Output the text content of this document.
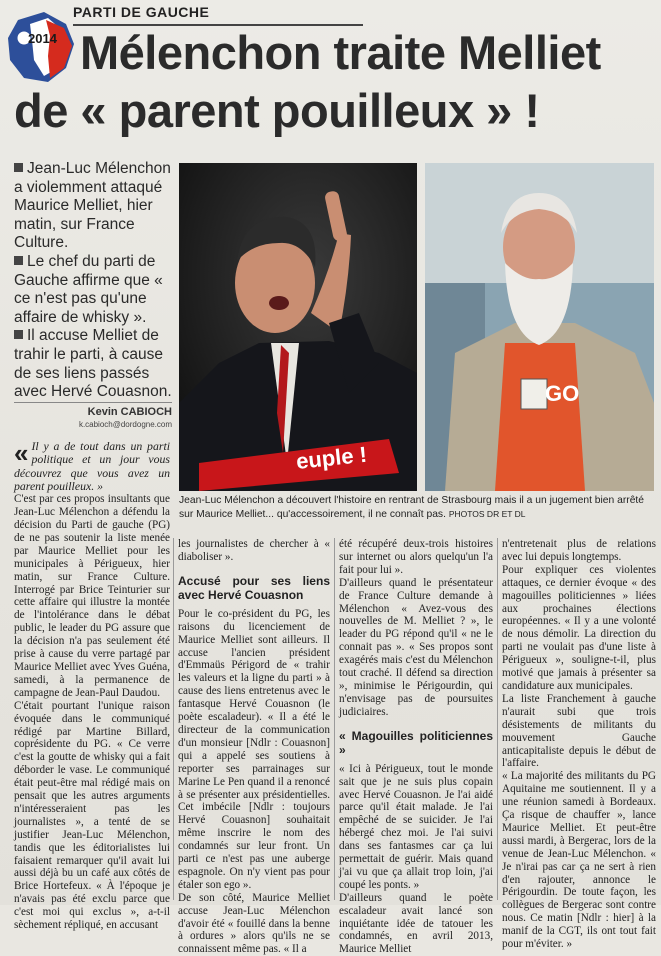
2014
PARTI DE GAUCHE
Mélenchon traite Melliet
de « parent pouilleux » !

Jean-Luc Mélenchon a violemment attaqué Maurice Melliet, hier matin, sur France Culture.

Le chef du parti de Gauche affirme que « ce n'est pas qu'une affaire de whisky ».

Il accuse Melliet de trahir le parti, à cause de ses liens passés avec Hervé Couasnon.

Kevin CABIOCH
k.cabioch@dordogne.com
euple !
GO
Jean-Luc Mélenchon a découvert l'histoire en rentrant de Strasbourg mais il a un jugement bien arrêté sur Maurice Melliet... qu'accessoirement, il ne connaît pas. PHOTOS DR ET DL
« Il y a de tout dans un parti politique et un jour vous découvrez que vous avez un parent pouilleux. »

C'est par ces propos insultants que Jean-Luc Mélenchon a défendu la décision du Parti de gauche (PG) de ne pas soutenir la liste menée par Maurice Melliet pour les municipales à Périgueux, hier matin, sur France Culture. Interrogé par Brice Teinturier sur cette affaire qui illustre la montée de l'intolérance dans le débat public, le leader du PG assure que la décision n'a pas seulement été prise à cause du verre partagé par Maurice Melliet avec Yves Guéna, samedi, à la permanence de campagne de Jean-Paul Daudou.

C'était pourtant l'unique raison évoquée dans le communiqué rédigé par Martine Billard, coprésidente du PG. « Ce verre c'est la goutte de whisky qui a fait déborder le vase. Le communiqué était peut-être mal rédigé mais on pensait que les autres arguments n'intéresseraient pas les journalistes », a tenté de se justifier Jean-Luc Mélenchon, tandis que les éditorialistes lui faisaient remarquer qu'il avait lui aussi déjà bu un café aux côtés de Brice Hortefeux. « À l'époque je n'avais pas été exclu parce que c'est moi qui exclus », a-t-il sèchement répliqué, en accusant

les journalistes de chercher à « diaboliser ».

Accusé pour ses liens avec Hervé Couasnon

Pour le co-président du PG, les raisons du licenciement de Maurice Melliet sont ailleurs. Il accuse l'ancien président d'Emmaüs Périgord de « trahir les valeurs et la ligne du parti » à cause des liens entretenus avec le fantasque Hervé Couasnon (le poète escaladeur). « Il a été le directeur de la communication d'un monsieur [Ndlr : Couasnon] qui a appelé ses soutiens à reporter ses parrainages sur Marine Le Pen quand il a renoncé à se présenter aux présidentielles. Cet imbécile [Ndlr : toujours Hervé Couasnon] souhaitait même inscrire le nom des condamnés sur leur front. Un parti ce n'est pas une auberge espagnole. On n'y vient pas pour étaler son ego ».

De son côté, Maurice Melliet accuse Jean-Luc Mélenchon d'avoir été « fouillé dans la benne à ordures » alors qu'ils ne se connaissent même pas. « Il a

été récupéré deux-trois histoires sur internet ou alors quelqu'un l'a fait pour lui ».

D'ailleurs quand le présentateur de France Culture demande à Mélenchon « Avez-vous des nouvelles de M. Melliet ? », le leader du PG répond qu'il « ne le connait pas ». « Ses propos sont exagérés mais c'est du Mélenchon tout craché. Il défend sa direction », minimise le Périgourdin, qui n'envisage pas de poursuites judiciaires.

« Magouilles politiciennes »

« Ici à Périgueux, tout le monde sait que je ne suis plus copain avec Hervé Couasnon. Je l'ai aidé parce qu'il était malade. Je l'ai empêché de se suicider. Je l'ai hébergé chez moi. Je l'ai suivi dans ses fantasmes car ça lui permettait de guérir. Mais quand j'ai vu que ça allait trop loin, j'ai coupé les ponts. »

D'ailleurs quand le poète escaladeur avait lancé son inquiétante idée de tatouer les condamnés, en avril 2013, Maurice Melliet

n'entretenait plus de relations avec lui depuis longtemps.

Pour expliquer ces violentes attaques, ce dernier évoque « des magouilles politiciennes » liées aux prochaines élections européennes. « Il y a une volonté de nous démolir. La direction du parti ne voulait pas d'une liste à Périgueux », souligne-t-il, plus motivé que jamais à présenter sa candidature aux municipales.

La liste Franchement à gauche n'aurait subi que trois désistements de militants du mouvement Gauche anticapitaliste depuis le début de l'affaire.

« La majorité des militants du PG Aquitaine me soutiennent. Il y a une réunion samedi à Bordeaux. Ça risque de chauffer », lance Maurice Melliet. Et peut-être aussi mardi, à Bergerac, lors de la venue de Jean-Luc Mélenchon. « Je n'irai pas car ça ne sert à rien d'en rajouter, annonce le Périgourdin. De toute façon, les collègues de Bergerac sont contre nous. Ce matin [Ndlr : hier] à la manif de la CGT, ils ont tout fait pour m'éviter. »
